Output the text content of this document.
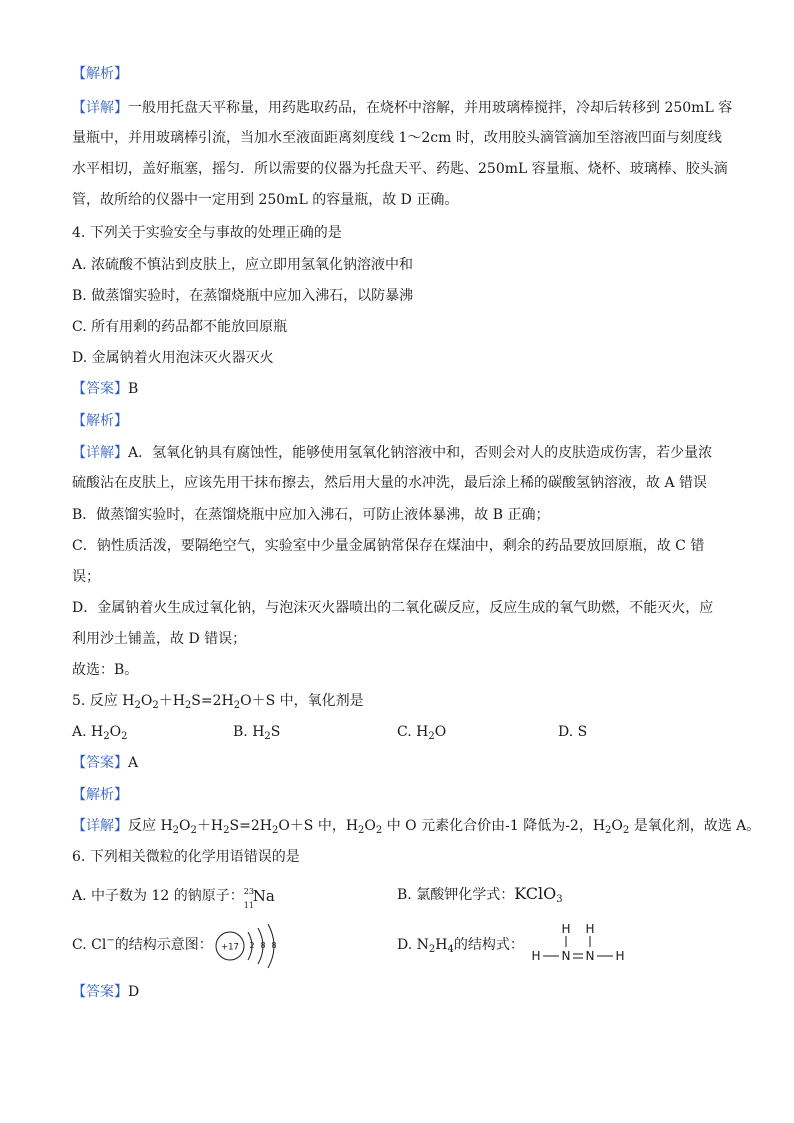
【解析】
【详解】一般用托盘天平称量，用药匙取药品，在烧杯中溶解，并用玻璃棒搅拌，冷却后转移到 250mL 容
量瓶中，并用玻璃棒引流，当加水至液面距离刻度线 1～2cm 时，改用胶头滴管滴加至溶液凹面与刻度线
水平相切，盖好瓶塞，摇匀．所以需要的仪器为托盘天平、药匙、250mL 容量瓶、烧杯、玻璃棒、胶头滴
管，故所给的仪器中一定用到 250mL 的容量瓶，故 D 正确。
4. 下列关于实验安全与事故的处理正确的是
A. 浓硫酸不慎沾到皮肤上，应立即用氢氧化钠溶液中和
B. 做蒸馏实验时，在蒸馏烧瓶中应加入沸石，以防暴沸
C. 所有用剩的药品都不能放回原瓶
D. 金属钠着火用泡沫灭火器灭火
【答案】B
【解析】
【详解】A．氢氧化钠具有腐蚀性，能够使用氢氧化钠溶液中和，否则会对人的皮肤造成伤害，若少量浓
硫酸沾在皮肤上，应该先用干抹布擦去，然后用大量的水冲洗，最后涂上稀的碳酸氢钠溶液，故 A 错误
B．做蒸馏实验时，在蒸馏烧瓶中应加入沸石，可防止液体暴沸，故 B 正确；
C．钠性质活泼，要隔绝空气，实验室中少量金属钠常保存在煤油中，剩余的药品要放回原瓶，故 C 错
误；
D．金属钠着火生成过氧化钠，与泡沫灭火器喷出的二氧化碳反应，反应生成的氧气助燃，不能灭火，应
利用沙土铺盖，故 D 错误；
故选：B。
5. 反应 $H_2O_2+H_2S=2H_2O+S$ 中，氧化剂是
A. $H_2O_2$	B. $H_2S$	C. $H_2O$	D. S
【答案】A
【解析】
【详解】反应 $H_2O_2+H_2S=2H_2O+S$ 中，$H_2O_2$ 中 O 元素化合价由-1 降低为-2，$H_2O_2$ 是氧化剂，故选 A。
6. 下列相关微粒的化学用语错误的是
A. 中子数为 12 的钠原子： 23
11
Na	B. 氯酸钾化学式：KClO$_3$
C. Cl−的结构示意图： +17 2 8 8	D. $N_2H_4$的结构式：
H H
H N N H
【答案】D
